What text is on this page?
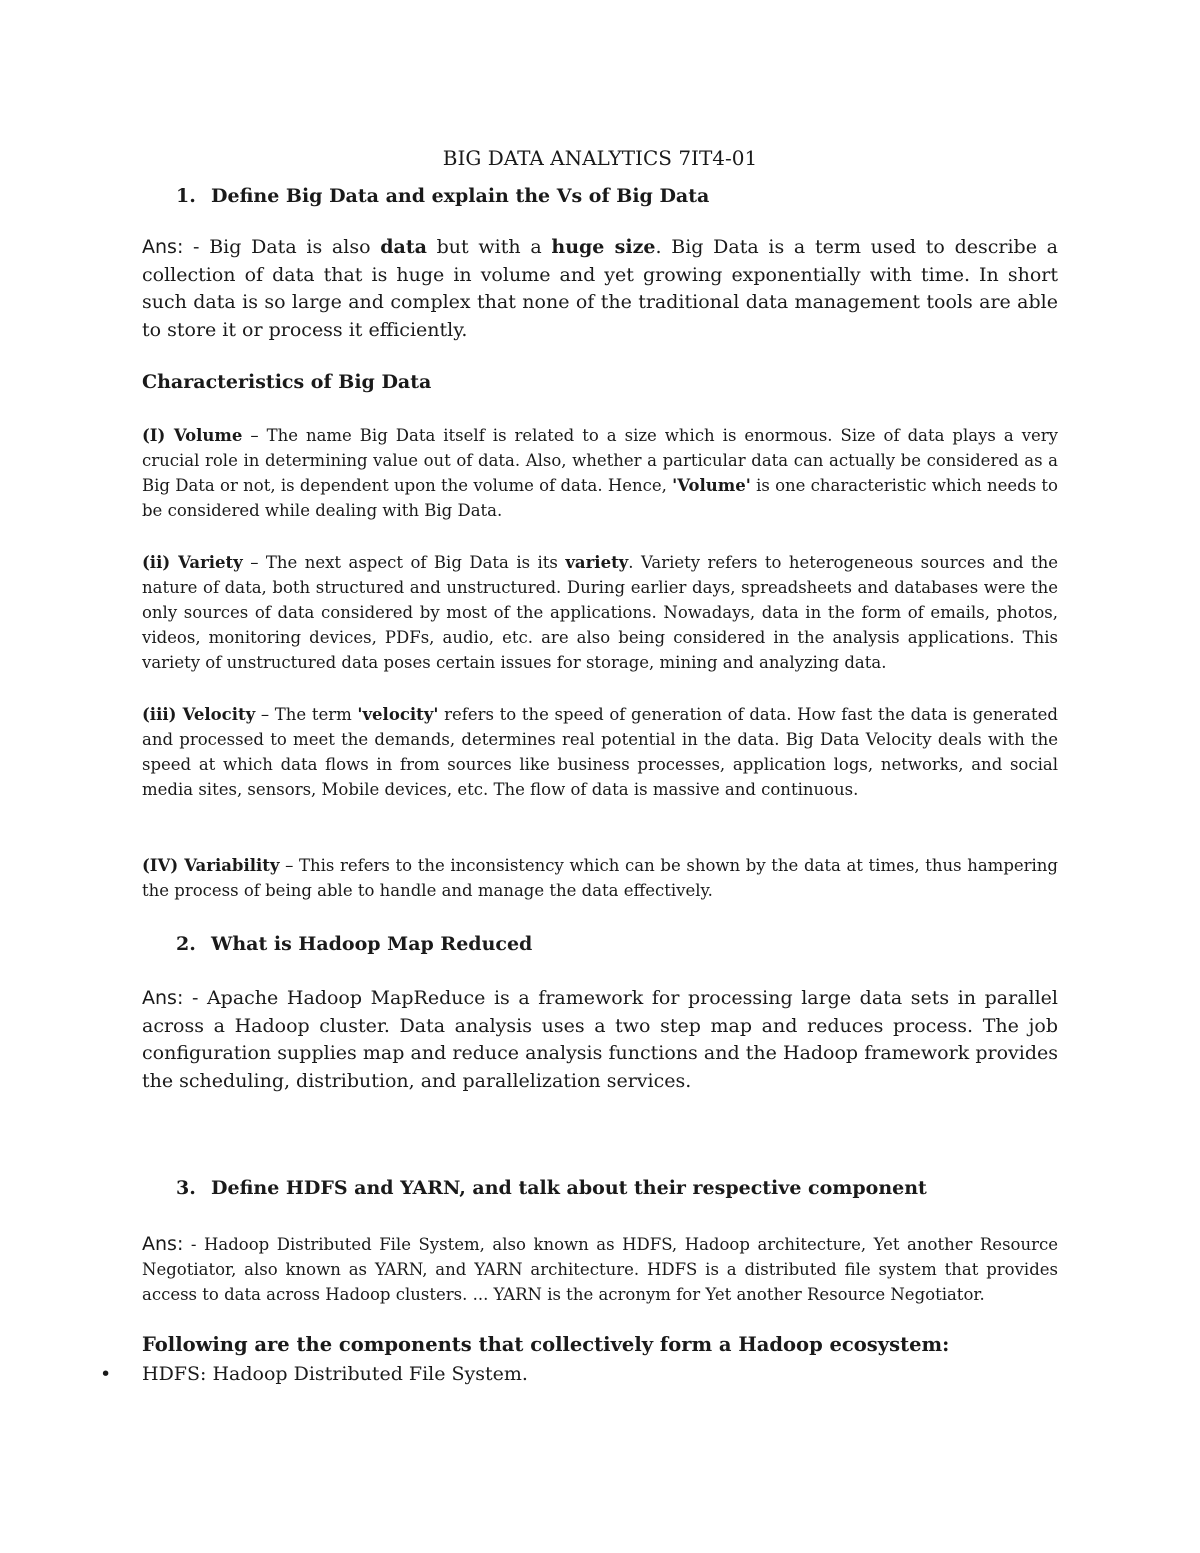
BIG DATA ANALYTICS 7IT4-01
1. Define Big Data and explain the Vs of Big Data

Ans: - Big Data is also data but with a huge size. Big Data is a term used to describe a collection of data that is huge in volume and yet growing exponentially with time. In short such data is so large and complex that none of the traditional data management tools are able to store it or process it efficiently.

Characteristics of Big Data

(I) Volume – The name Big Data itself is related to a size which is enormous. Size of data plays a very crucial role in determining value out of data. Also, whether a particular data can actually be considered as a Big Data or not, is dependent upon the volume of data. Hence, 'Volume' is one characteristic which needs to be considered while dealing with Big Data.

(ii) Variety – The next aspect of Big Data is its variety. Variety refers to heterogeneous sources and the nature of data, both structured and unstructured. During earlier days, spreadsheets and databases were the only sources of data considered by most of the applications. Nowadays, data in the form of emails, photos, videos, monitoring devices, PDFs, audio, etc. are also being considered in the analysis applications. This variety of unstructured data poses certain issues for storage, mining and analyzing data.

(iii) Velocity – The term 'velocity' refers to the speed of generation of data. How fast the data is generated and processed to meet the demands, determines real potential in the data. Big Data Velocity deals with the speed at which data flows in from sources like business processes, application logs, networks, and social media sites, sensors, Mobile devices, etc. The flow of data is massive and continuous.

(IV) Variability – This refers to the inconsistency which can be shown by the data at times, thus hampering the process of being able to handle and manage the data effectively.

2. What is Hadoop Map Reduced

Ans: - Apache Hadoop MapReduce is a framework for processing large data sets in parallel across a Hadoop cluster. Data analysis uses a two step map and reduces process. The job configuration supplies map and reduce analysis functions and the Hadoop framework provides the scheduling, distribution, and parallelization services.

3. Define HDFS and YARN, and talk about their respective component

Ans: - Hadoop Distributed File System, also known as HDFS, Hadoop architecture, Yet another Resource Negotiator, also known as YARN, and YARN architecture. HDFS is a distributed file system that provides access to data across Hadoop clusters. ... YARN is the acronym for Yet another Resource Negotiator.

Following are the components that collectively form a Hadoop ecosystem:

• HDFS: Hadoop Distributed File System.
